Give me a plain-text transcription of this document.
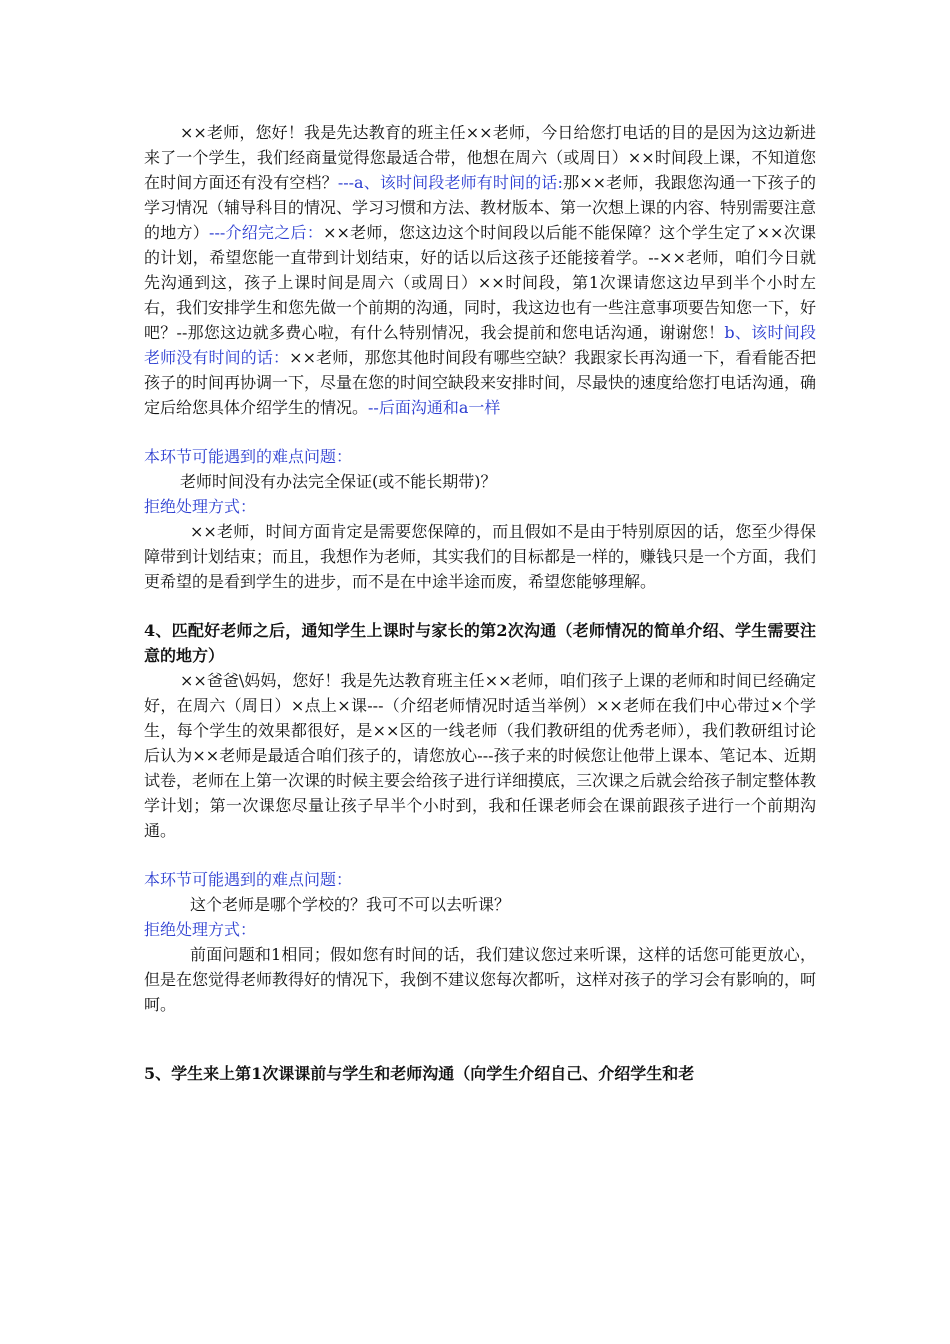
××老师，您好！我是先达教育的班主任××老师，今日给您打电话的目的是因为这边新进来了一个学生，我们经商量觉得您最适合带，他想在周六（或周日）××时间段上课，不知道您在时间方面还有没有空档？---a、该时间段老师有时间的话:那××老师，我跟您沟通一下孩子的学习情况（辅导科目的情况、学习习惯和方法、教材版本、第一次想上课的内容、特别需要注意的地方）---介绍完之后：××老师，您这边这个时间段以后能不能保障？这个学生定了××次课的计划，希望您能一直带到计划结束，好的话以后这孩子还能接着学。--××老师，咱们今日就先沟通到这，孩子上课时间是周六（或周日）××时间段，第1次课请您这边早到半个小时左右，我们安排学生和您先做一个前期的沟通，同时，我这边也有一些注意事项要告知您一下，好吧？--那您这边就多费心啦，有什么特别情况，我会提前和您电话沟通，谢谢您！b、该时间段老师没有时间的话：××老师，那您其他时间段有哪些空缺？我跟家长再沟通一下，看看能否把孩子的时间再协调一下，尽量在您的时间空缺段来安排时间，尽最快的速度给您打电话沟通，确定后给您具体介绍学生的情况。--后面沟通和a一样

本环节可能遇到的难点问题：

老师时间没有办法完全保证(或不能长期带)？

拒绝处理方式：

××老师，时间方面肯定是需要您保障的，而且假如不是由于特别原因的话，您至少得保障带到计划结束；而且，我想作为老师，其实我们的目标都是一样的，赚钱只是一个方面，我们更希望的是看到学生的进步，而不是在中途半途而废，希望您能够理解。

4、匹配好老师之后，通知学生上课时与家长的第2次沟通（老师情况的简单介绍、学生需要注意的地方）

××爸爸\妈妈，您好！我是先达教育班主任××老师，咱们孩子上课的老师和时间已经确定好，在周六（周日）×点上×课---（介绍老师情况时适当举例）××老师在我们中心带过×个学生，每个学生的效果都很好，是××区的一线老师（我们教研组的优秀老师），我们教研组讨论后认为××老师是最适合咱们孩子的，请您放心---孩子来的时候您让他带上课本、笔记本、近期试卷，老师在上第一次课的时候主要会给孩子进行详细摸底，三次课之后就会给孩子制定整体教学计划；第一次课您尽量让孩子早半个小时到，我和任课老师会在课前跟孩子进行一个前期沟通。

本环节可能遇到的难点问题：

这个老师是哪个学校的？我可不可以去听课？

拒绝处理方式：

前面问题和1相同；假如您有时间的话，我们建议您过来听课，这样的话您可能更放心，但是在您觉得老师教得好的情况下，我倒不建议您每次都听，这样对孩子的学习会有影响的，呵呵。

5、学生来上第1次课课前与学生和老师沟通（向学生介绍自己、介绍学生和老
